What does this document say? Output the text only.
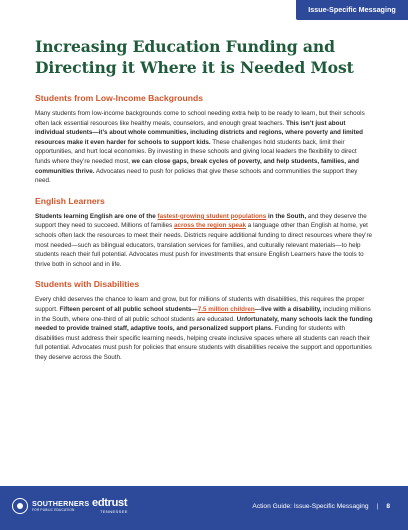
Issue-Specific Messaging
Increasing Education Funding and Directing it Where it is Needed Most
Students from Low-Income Backgrounds

Many students from low-income backgrounds come to school needing extra help to be ready to learn, but their schools often lack essential resources like healthy meals, counselors, and enough great teachers. This isn’t just about individual students—it’s about whole communities, including districts and regions, where poverty and limited resources make it even harder for schools to support kids. These challenges hold students back, limit their opportunities, and hurt local economies. By investing in these schools and giving local leaders the flexibility to direct funds where they’re needed most, we can close gaps, break cycles of poverty, and help students, families, and communities thrive. Advocates need to push for policies that give these schools and communities the support they need.

English Learners

Students learning English are one of the fastest-growing student populations in the South, and they deserve the support they need to succeed. Millions of families across the region speak a language other than English at home, yet schools often lack the resources to meet their needs. Districts require additional funding to direct resources where they’re most needed—such as bilingual educators, translation services for families, and culturally relevant materials—to help students reach their full potential. Advocates must push for investments that ensure English Learners have the tools to thrive both in school and in life.

Students with Disabilities

Every child deserves the chance to learn and grow, but for millions of students with disabilities, this requires the proper support. Fifteen percent of all public school students—7.5 million children—live with a disability, including millions in the South, where one-third of all public school students are educated. Unfortunately, many schools lack the funding needed to provide trained staff, adaptive tools, and personalized support plans. Funding for students with disabilities must address their specific learning needs, helping create inclusive spaces where all students can reach their full potential. Advocates must push for policies that ensure students with disabilities receive the support and opportunities they deserve across the South.

SOUTHERNERS
FOR PUBLIC EDUCATION
edtrust
TENNESSEE
Action Guide: Issue-Specific Messaging | 8
